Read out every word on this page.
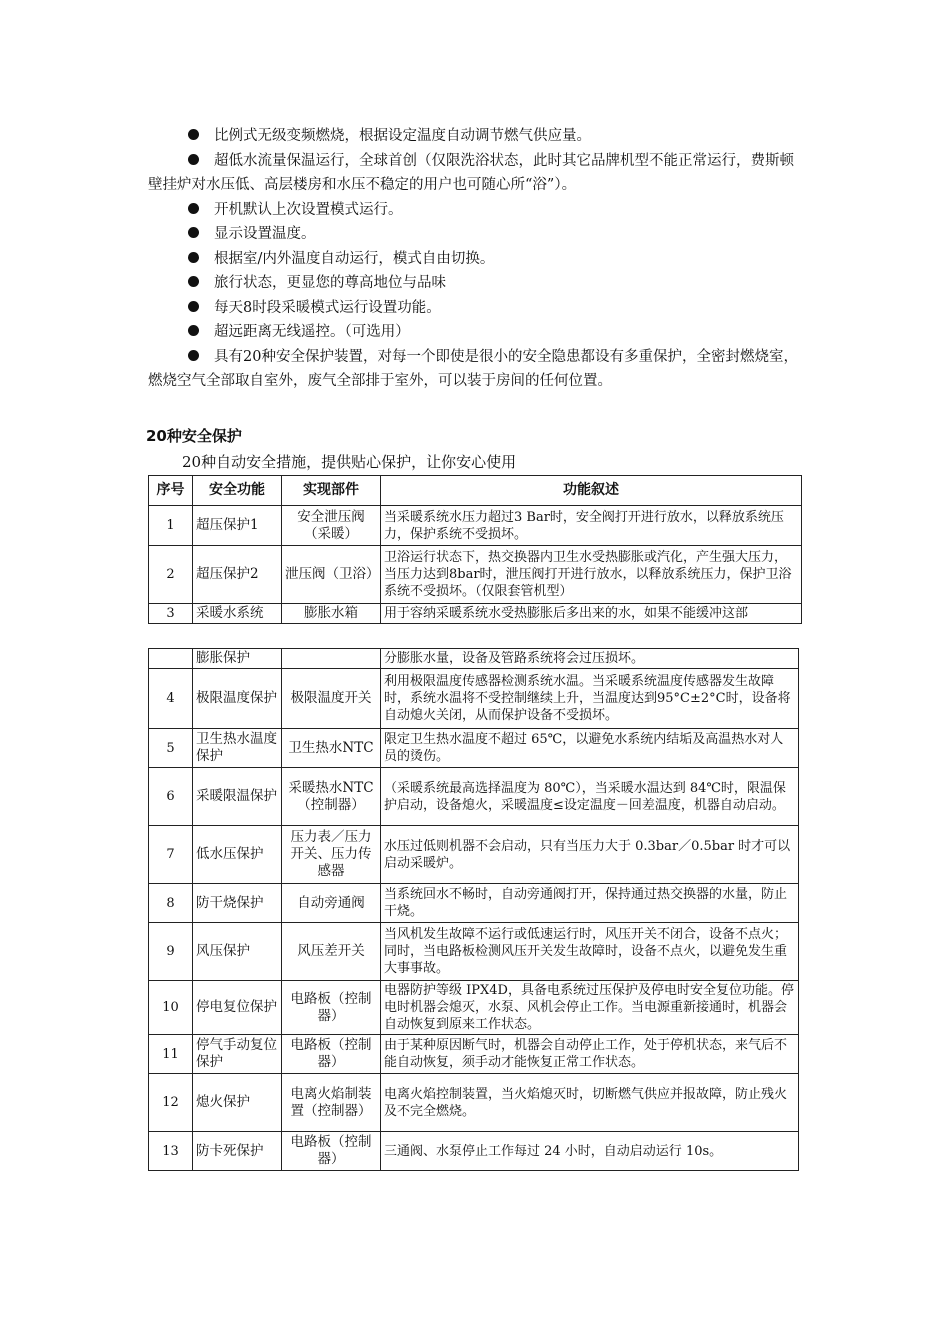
比例式无级变频燃烧，根据设定温度自动调节燃气供应量。

超低水流量保温运行，全球首创（仅限洗浴状态，此时其它品牌机型不能正常运行，费斯顿壁挂炉对水压低、高层楼房和水压不稳定的用户也可随心所“浴”）。

开机默认上次设置模式运行。

显示设置温度。

根据室/内外温度自动运行，模式自由切换。

旅行状态，更显您的尊高地位与品味

每天8时段采暖模式运行设置功能。

超远距离无线遥控。（可选用）

具有20种安全保护装置，对每一个即使是很小的安全隐患都设有多重保护，全密封燃烧室，燃烧空气全部取自室外，废气全部排于室外，可以装于房间的任何位置。

20种安全保护
20种自动安全措施，提供贴心保护，让你安心使用
序号	安全功能	实现部件	功能叙述
1	超压保护1	安全泄压阀（采暖）	当采暖系统水压力超过3 Bar时，安全阀打开进行放水，以释放系统压力，保护系统不受损坏。
2	超压保护2	泄压阀（卫浴）	卫浴运行状态下，热交换器内卫生水受热膨胀或汽化，产生强大压力，当压力达到8bar时，泄压阀打开进行放水，以释放系统压力，保护卫浴系统不受损坏。（仅限套管机型）
3	采暖水系统	膨胀水箱	用于容纳采暖系统水受热膨胀后多出来的水，如果不能缓冲这部
	膨胀保护		分膨胀水量，设备及管路系统将会过压损坏。
4	极限温度保护	极限温度开关	利用极限温度传感器检测系统水温。当采暖系统温度传感器发生故障时，系统水温将不受控制继续上升，当温度达到95°C±2°C时，设备将自动熄火关闭，从而保护设备不受损坏。
5	卫生热水温度保护	卫生热水NTC	限定卫生热水温度不超过 65℃，以避免水系统内结垢及高温热水对人员的烫伤。
6	采暖限温保护	采暖热水NTC（控制器）	（采暖系统最高选择温度为 80℃），当采暖水温达到 84℃时，限温保护启动，设备熄火，采暖温度≤设定温度－回差温度，机器自动启动。
7	低水压保护	压力表／压力开关、压力传感器	水压过低则机器不会启动，只有当压力大于 0.3bar／0.5bar 时才可以启动采暖炉。
8	防干烧保护	自动旁通阀	当系统回水不畅时，自动旁通阀打开，保持通过热交换器的水量，防止干烧。
9	风压保护	风压差开关	当风机发生故障不运行或低速运行时，风压开关不闭合，设备不点火；同时，当电路板检测风压开关发生故障时，设备不点火，以避免发生重大事事故。
10	停电复位保护	电路板（控制器）	电器防护等级 IPX4D，具备电系统过压保护及停电时安全复位功能。停电时机器会熄灭，水泵、风机会停止工作。当电源重新接通时，机器会自动恢复到原来工作状态。
11	停气手动复位保护	电路板（控制器）	由于某种原因断气时，机器会自动停止工作，处于停机状态，来气后不能自动恢复，须手动才能恢复正常工作状态。
12	熄火保护	电离火焰制装置（控制器）	电离火焰控制装置，当火焰熄灭时，切断燃气供应并报故障，防止残火及不完全燃烧。
13	防卡死保护	电路板（控制器）	三通阀、水泵停止工作每过 24 小时，自动启动运行 10s。
